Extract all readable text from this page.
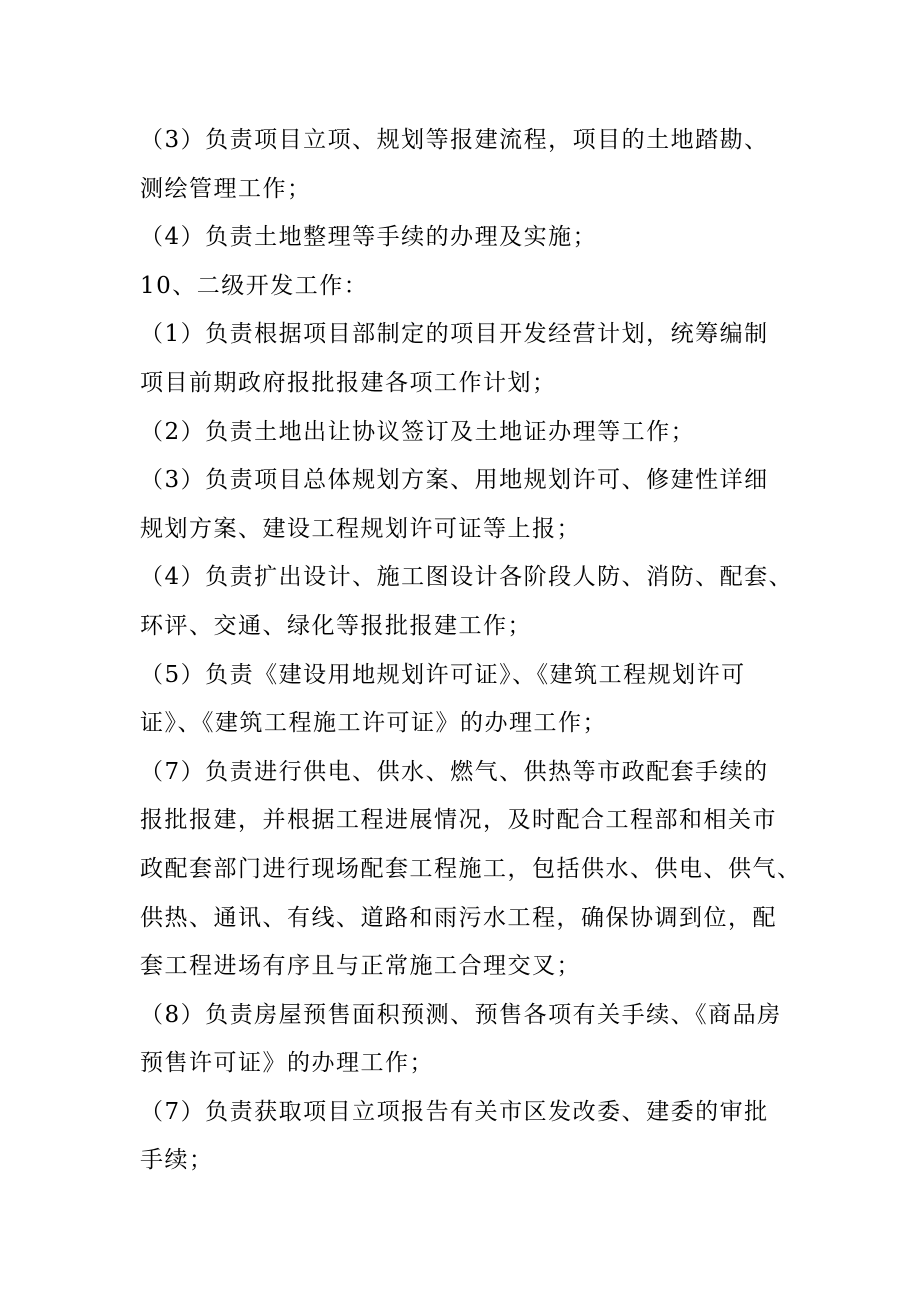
（3）负责项目立项、规划等报建流程，项目的土地踏勘、
测绘管理工作；
（4）负责土地整理等手续的办理及实施；
10、二级开发工作：
（1）负责根据项目部制定的项目开发经营计划，统筹编制
项目前期政府报批报建各项工作计划；
（2）负责土地出让协议签订及土地证办理等工作；
（3）负责项目总体规划方案、用地规划许可、修建性详细
规划方案、建设工程规划许可证等上报；
（4）负责扩出设计、施工图设计各阶段人防、消防、配套、
环评、交通、绿化等报批报建工作；
（5）负责《建设用地规划许可证》、《建筑工程规划许可
证》、《建筑工程施工许可证》的办理工作；
（7）负责进行供电、供水、燃气、供热等市政配套手续的
报批报建，并根据工程进展情况，及时配合工程部和相关市
政配套部门进行现场配套工程施工，包括供水、供电、供气、
供热、通讯、有线、道路和雨污水工程，确保协调到位，配
套工程进场有序且与正常施工合理交叉；
（8）负责房屋预售面积预测、预售各项有关手续、《商品房
预售许可证》的办理工作；
（7）负责获取项目立项报告有关市区发改委、建委的审批
手续；
